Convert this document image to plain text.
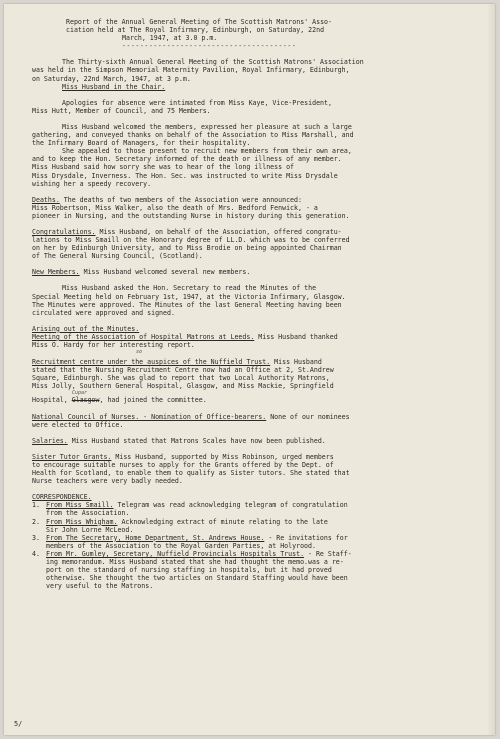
Report of the Annual General Meeting of The Scottish Matrons' Asso-
ciation held at The Royal Infirmary, Edinburgh, on Saturday, 22nd
March, 1947, at 3.0 p.m.
---------------------------------------
The Thirty-sixth Annual General Meeting of the Scottish Matrons' Association
was held in the Simpson Memorial Maternity Pavilion, Royal Infirmary, Edinburgh,
on Saturday, 22nd March, 1947, at 3 p.m.
Miss Husband in the Chair.
Apologies for absence were intimated from Miss Kaye, Vice-President,
Miss Hutt, Member of Council, and 75 Members.
Miss Husband welcomed the members, expressed her pleasure at such a large
gathering, and conveyed thanks on behalf of the Association to Miss Marshall, and
the Infirmary Board of Managers, for their hospitality.
She appealed to those present to recruit new members from their own area,
and to keep the Hon. Secretary informed of the death or illness of any member.
Miss Husband said how sorry she was to hear of the long illness of
Miss Drysdale, Inverness. The Hon. Sec. was instructed to write Miss Drysdale
wishing her a speedy recovery.
Deaths. The deaths of two members of the Association were announced:
Miss Robertson, Miss Walker, also the death of Mrs. Bedford Fenwick, - a
pioneer in Nursing, and the outstanding Nurse in history during this generation.
Congratulations. Miss Husband, on behalf of the Association, offered congratu-
lations to Miss Smaill on the Honorary degree of LL.D. which was to be conferred
on her by Edinburgh University, and to Miss Brodie on being appointed Chairman
of The General Nursing Council, (Scotland).
New Members. Miss Husband welcomed several new members.
Miss Husband asked the Hon. Secretary to read the Minutes of the
Special Meeting held on February 1st, 1947, at the Victoria Infirmary, Glasgow.
The Minutes were approved. The Minutes of the last General Meeting having been
circulated were approved and signed.
Arising out of the Minutes.
Meeting of the Association of Hospital Matrons at Leeds. Miss Husband thanked
Miss O. Hardy for her interesting report.
so
Recruitment centre under the auspices of the Nuffield Trust. Miss Husband
stated that the Nursing Recruitment Centre now had an Office at 2, St.Andrew
Square, Edinburgh. She was glad to report that two Local Authority Matrons,
Miss Jolly, Southern General Hospital, Glasgow, and Miss Mackie, Springfield
Cupar
Hospital, Glasgow, had joined the committee.
National Council of Nurses. - Nomination of Office-bearers. None of our nominees
were elected to Office.
Salaries. Miss Husband stated that Matrons Scales have now been published.
Sister Tutor Grants. Miss Husband, supported by Miss Robinson, urged members
to encourage suitable nurses to apply for the Grants offered by the Dept. of
Health for Scotland, to enable them to qualify as Sister tutors. She stated that
Nurse teachers were very badly needed.
CORRESPONDENCE.
1. From Miss Smaill. Telegram was read acknowledging telegram of congratulation
from the Association.
2. From Miss Whigham. Acknowledging extract of minute relating to the late
Sir John Lorne McLeod.
3. From The Secretary, Home Department, St. Andrews House. - Re invitations for
members of the Association to the Royal Garden Parties, at Holyrood.
4. From Mr. Gumley, Secretary, Nuffield Provincials Hospitals Trust. - Re Staff-
ing memorandum. Miss Husband stated that she had thought the memo.was a re-
port on the standard of nursing staffing in hospitals, but it had proved
otherwise. She thought the two articles on Standard Staffing would have been
very useful to the Matrons.
5/
